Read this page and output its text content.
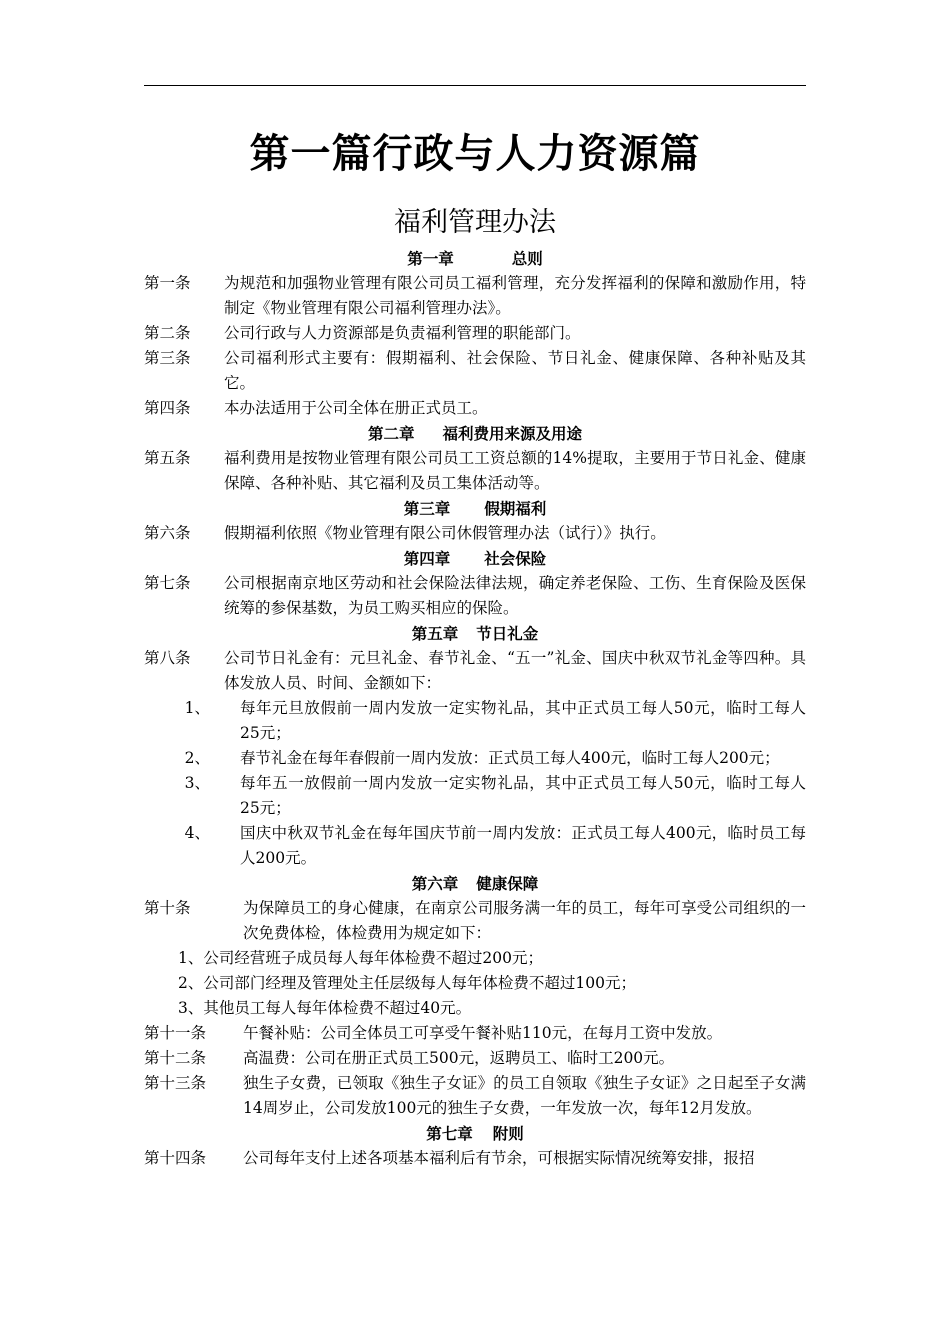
第一篇行政与人力资源篇
福利管理办法
第一章	总则
第一条	为规范和加强物业管理有限公司员工福利管理，充分发挥福利的保障和激励作用，特制定《物业管理有限公司福利管理办法》。
第二条	公司行政与人力资源部是负责福利管理的职能部门。
第三条	公司福利形式主要有：假期福利、社会保险、节日礼金、健康保障、各种补贴及其它。
第四条	本办法适用于公司全体在册正式员工。
第二章 福利费用来源及用途
第五条	福利费用是按物业管理有限公司员工工资总额的14%提取，主要用于节日礼金、健康保障、各种补贴、其它福利及员工集体活动等。
第三章 假期福利
第六条	假期福利依照《物业管理有限公司休假管理办法（试行）》执行。
第四章 社会保险
第七条	公司根据南京地区劳动和社会保险法律法规，确定养老保险、工伤、生育保险及医保统筹的参保基数，为员工购买相应的保险。
第五章 节日礼金
第八条	公司节日礼金有：元旦礼金、春节礼金、“五一”礼金、国庆中秋双节礼金等四种。具体发放人员、时间、金额如下：
1、	每年元旦放假前一周内发放一定实物礼品，其中正式员工每人50元，临时工每人25元；
2、	春节礼金在每年春假前一周内发放：正式员工每人400元，临时工每人200元；
3、	每年五一放假前一周内发放一定实物礼品，其中正式员工每人50元，临时工每人25元；
4、	国庆中秋双节礼金在每年国庆节前一周内发放：正式员工每人400元，临时员工每人200元。
第六章 健康保障
第十条	为保障员工的身心健康，在南京公司服务满一年的员工，每年可享受公司组织的一次免费体检，体检费用为规定如下：
1、公司经营班子成员每人每年体检费不超过200元；
2、公司部门经理及管理处主任层级每人每年体检费不超过100元；
3、其他员工每人每年体检费不超过40元。
第十一条	午餐补贴：公司全体员工可享受午餐补贴110元，在每月工资中发放。
第十二条	高温费：公司在册正式员工500元，返聘员工、临时工200元。
第十三条	独生子女费，已领取《独生子女证》的员工自领取《独生子女证》之日起至子女满14周岁止，公司发放100元的独生子女费，一年发放一次，每年12月发放。
第七章 附则
第十四条	公司每年支付上述各项基本福利后有节余，可根据实际情况统筹安排，报招
